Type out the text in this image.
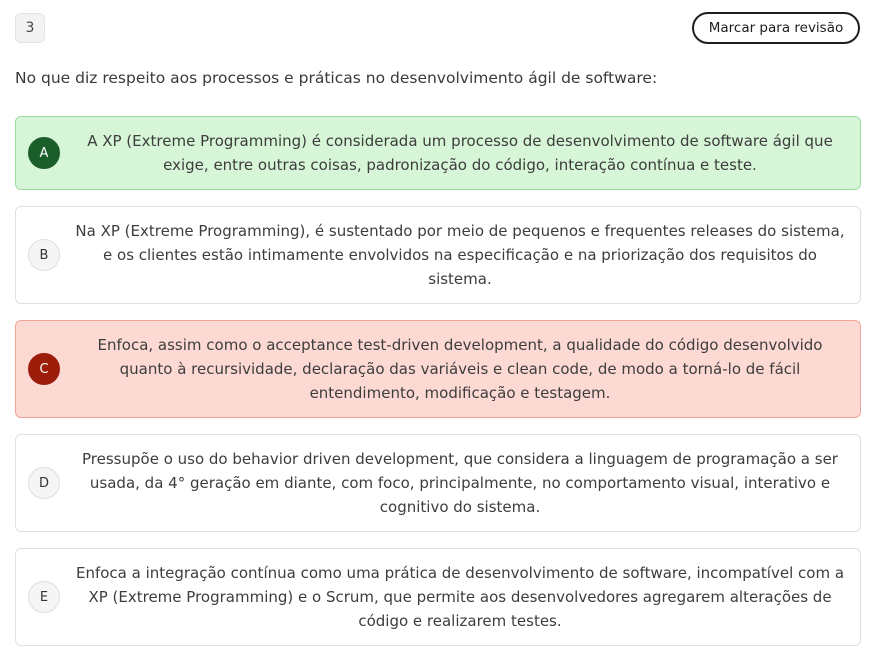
3	Marcar para revisão

No que diz respeito aos processos e práticas no desenvolvimento ágil de software:

A
A XP (Extreme Programming) é considerada um processo de desenvolvimento de software ágil que exige, entre outras coisas, padronização do código, interação contínua e teste.
B
Na XP (Extreme Programming), é sustentado por meio de pequenos e frequentes releases do sistema, e os clientes estão intimamente envolvidos na especificação e na priorização dos requisitos do sistema.
C
Enfoca, assim como o acceptance test-driven development, a qualidade do código desenvolvido quanto à recursividade, declaração das variáveis e clean code, de modo a torná-lo de fácil entendimento, modificação e testagem.
D
Pressupõe o uso do behavior driven development, que considera a linguagem de programação a ser usada, da 4° geração em diante, com foco, principalmente, no comportamento visual, interativo e cognitivo do sistema.
E
Enfoca a integração contínua como uma prática de desenvolvimento de software, incompatível com a XP (Extreme Programming) e o Scrum, que permite aos desenvolvedores agregarem alterações de código e realizarem testes.
